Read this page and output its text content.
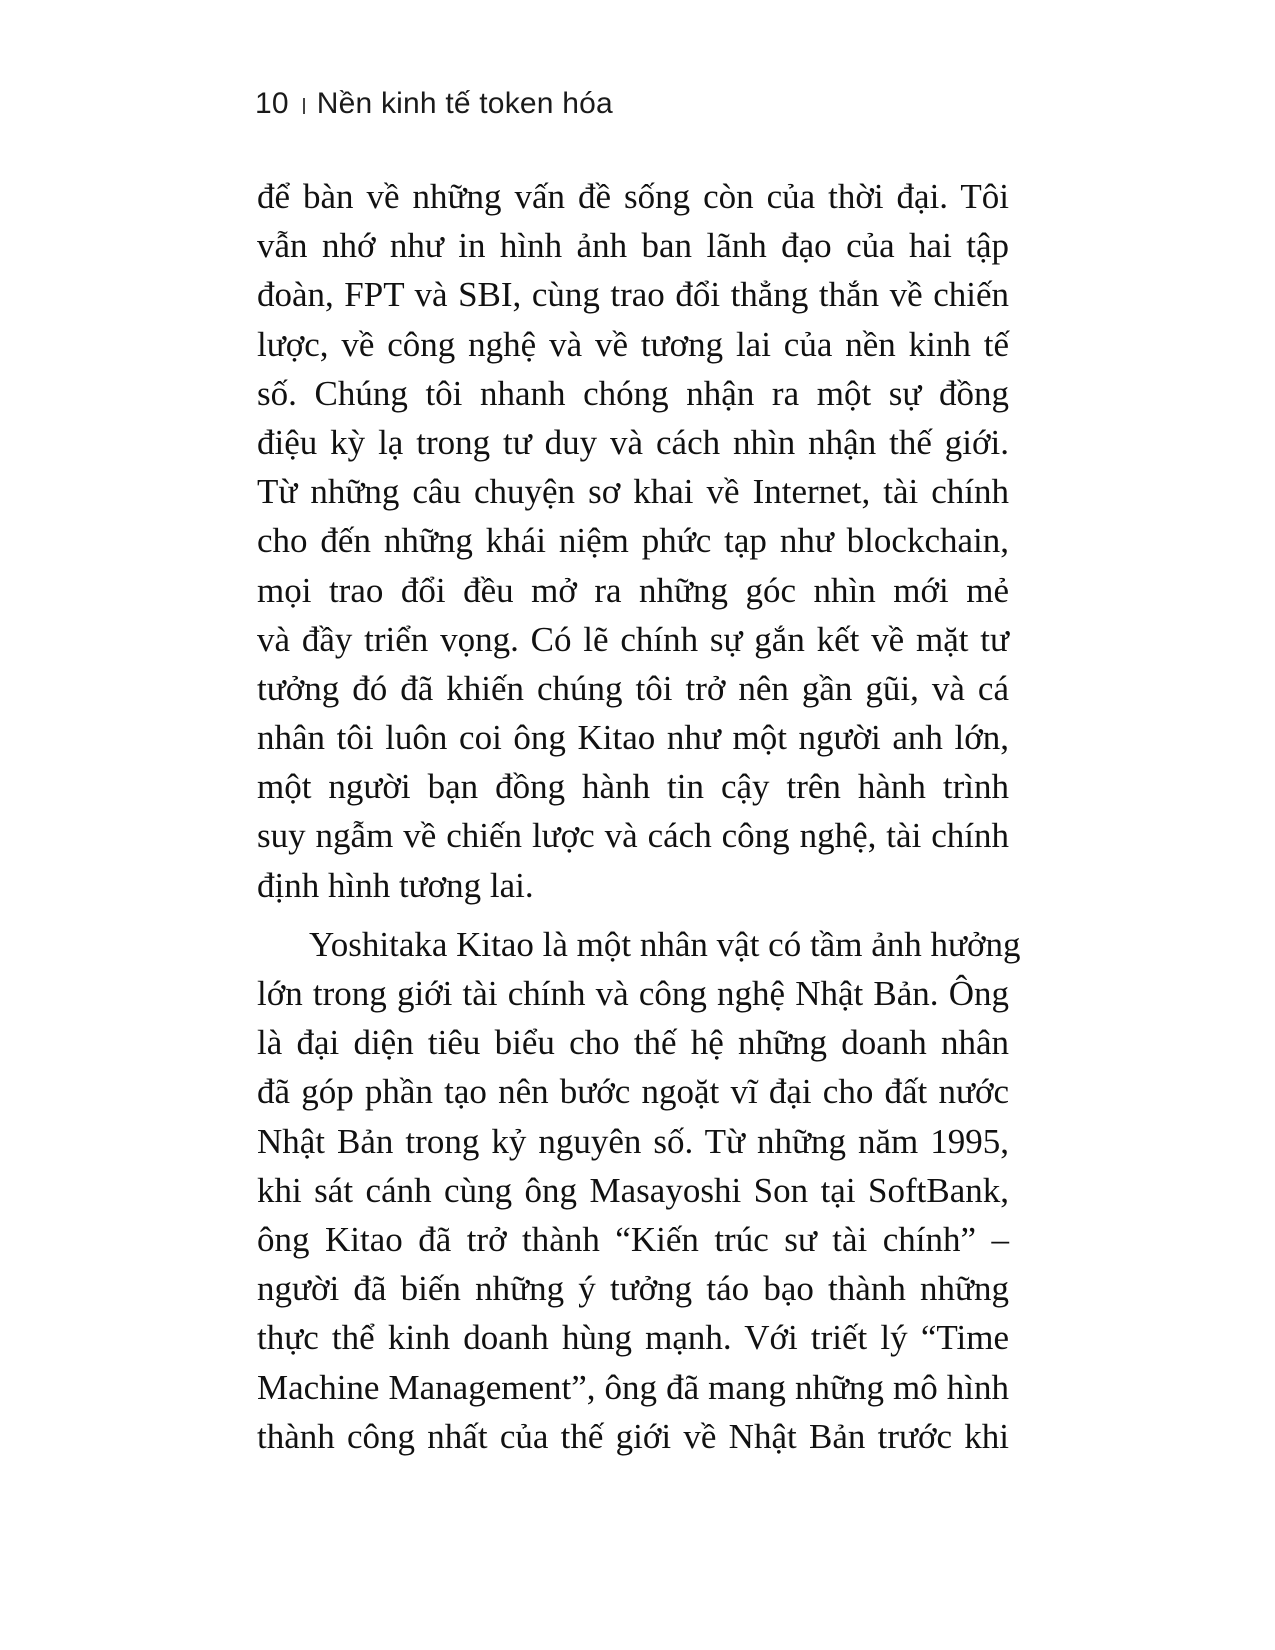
10 Nền kinh tế token hóa
để bàn về những vấn đề sống còn của thời đại. Tôi
vẫn nhớ như in hình ảnh ban lãnh đạo của hai tập
đoàn, FPT và SBI, cùng trao đổi thẳng thắn về chiến
lược, về công nghệ và về tương lai của nền kinh tế
số. Chúng tôi nhanh chóng nhận ra một sự đồng
điệu kỳ lạ trong tư duy và cách nhìn nhận thế giới.
Từ những câu chuyện sơ khai về Internet, tài chính
cho đến những khái niệm phức tạp như blockchain,
mọi trao đổi đều mở ra những góc nhìn mới mẻ
và đầy triển vọng. Có lẽ chính sự gắn kết về mặt tư
tưởng đó đã khiến chúng tôi trở nên gần gũi, và cá
nhân tôi luôn coi ông Kitao như một người anh lớn,
một người bạn đồng hành tin cậy trên hành trình
suy ngẫm về chiến lược và cách công nghệ, tài chính
định hình tương lai.
Yoshitaka Kitao là một nhân vật có tầm ảnh hưởng
lớn trong giới tài chính và công nghệ Nhật Bản. Ông
là đại diện tiêu biểu cho thế hệ những doanh nhân
đã góp phần tạo nên bước ngoặt vĩ đại cho đất nước
Nhật Bản trong kỷ nguyên số. Từ những năm 1995,
khi sát cánh cùng ông Masayoshi Son tại SoftBank,
ông Kitao đã trở thành “Kiến trúc sư tài chính” –
người đã biến những ý tưởng táo bạo thành những
thực thể kinh doanh hùng mạnh. Với triết lý “Time
Machine Management”, ông đã mang những mô hình
thành công nhất của thế giới về Nhật Bản trước khi
